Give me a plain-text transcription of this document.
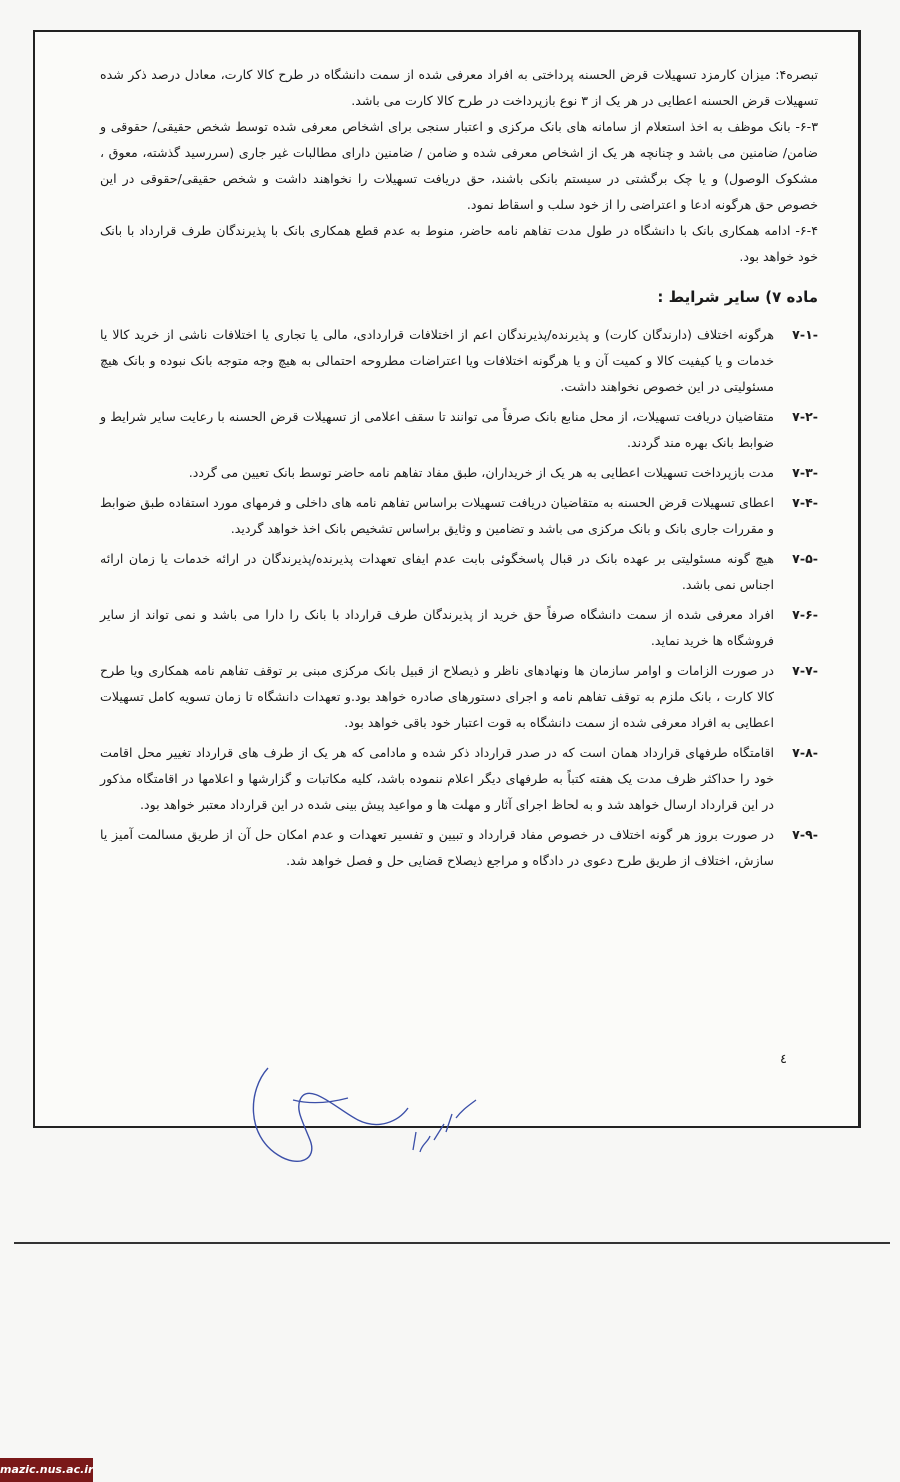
تبصره۴: میزان کارمزد تسهیلات قرض الحسنه پرداختی به افراد معرفی شده از سمت دانشگاه در طرح کالا کارت، معادل درصد ذکر شده تسهیلات قرض الحسنه اعطایی در هر یک از ۳ نوع بازپرداخت در طرح کالا کارت می باشد.

۶-۳- بانک موظف به اخذ استعلام از سامانه های بانک مرکزی و اعتبار سنجی برای اشخاص معرفی شده توسط شخص حقیقی/ حقوقی و ضامن/ ضامنین می باشد و چنانچه هر یک از اشخاص معرفی شده و ضامن / ضامنین دارای مطالبات غیر جاری (سررسید گذشته، معوق ، مشکوک الوصول) و یا چک برگشتی در سیستم بانکی باشند، حق دریافت تسهیلات را نخواهند داشت و شخص حقیقی/حقوقی در این خصوص حق هرگونه ادعا و اعتراضی را از خود سلب و اسقاط نمود.

۶-۴- ادامه همکاری بانک با دانشگاه در طول مدت تفاهم نامه حاضر، منوط به عدم قطع همکاری بانک با پذیرندگان طرف قرارداد با بانک خود خواهد بود.

ماده ۷) سایر شرایط :
۷-۱-
هرگونه اختلاف (دارندگان کارت) و پذیرنده/پذیرندگان اعم از اختلافات قراردادی، مالی یا تجاری یا اختلافات ناشی از خرید کالا یا خدمات و یا کیفیت کالا و کمیت آن و یا هرگونه اختلافات ویا اعتراضات مطروحه احتمالی به هیچ وجه متوجه بانک نبوده و بانک هیچ مسئولیتی در این خصوص نخواهند داشت.
۷-۲-
متقاضیان دریافت تسهیلات، از محل منابع بانک صرفاً می توانند تا سقف اعلامی از تسهیلات قرض الحسنه با رعایت سایر شرایط و ضوابط بانک بهره مند گردند.
۷-۳-
مدت بازپرداخت تسهیلات اعطایی به هر یک از خریداران، طبق مفاد تفاهم نامه حاضر توسط بانک تعیین می گردد.
۷-۴-
اعطای تسهیلات قرض الحسنه به متقاضیان دریافت تسهیلات براساس تفاهم نامه های داخلی و فرمهای مورد استفاده طبق ضوابط و مقررات جاری بانک و بانک مرکزی می باشد و تضامین و وثایق براساس تشخیص بانک اخذ خواهد گردید.
۷-۵-
هیچ گونه مسئولیتی بر عهده بانک در قبال پاسخگوئی بابت عدم ایفای تعهدات پذیرنده/پذیرندگان در ارائه خدمات یا زمان ارائه اجناس نمی باشد.
۷-۶-
افراد معرفی شده از سمت دانشگاه صرفاً حق خرید از پذیرندگان طرف قرارداد با بانک را دارا می باشد و نمی تواند از سایر فروشگاه ها خرید نماید.
۷-۷-
در صورت الزامات و اوامر سازمان ها ونهادهای ناظر و ذیصلاح از قبیل بانک مرکزی مبنی بر توقف تفاهم نامه همکاری ویا طرح کالا کارت ، بانک ملزم به توقف تفاهم نامه و اجرای دستورهای صادره خواهد بود.و تعهدات دانشگاه تا زمان تسویه کامل تسهیلات اعطایی به افراد معرفی شده از سمت دانشگاه به قوت اعتبار خود باقی خواهد بود.
۷-۸-
اقامتگاه طرفهای قرارداد همان است که در صدر قرارداد ذکر شده و مادامی که هر یک از طرف های قرارداد تغییر محل اقامت خود را حداکثر ظرف مدت یک هفته کتباً به طرفهای دیگر اعلام ننموده باشد، کلیه مکاتبات و گزارشها و اعلامها در اقامتگاه مذکور در این قرارداد ارسال خواهد شد و به لحاظ اجرای آثار و مهلت ها و مواعید پیش بینی شده در این قرارداد معتبر خواهد بود.
۷-۹-
در صورت بروز هر گونه اختلاف در خصوص مفاد قرارداد و تبیین و تفسیر تعهدات و عدم امکان حل آن از طریق مسالمت آمیز یا سازش، اختلاف از طریق طرح دعوی در دادگاه و مراجع ذیصلاح قضایی حل و فصل خواهد شد.
٤
mazic.nus.ac.ir
